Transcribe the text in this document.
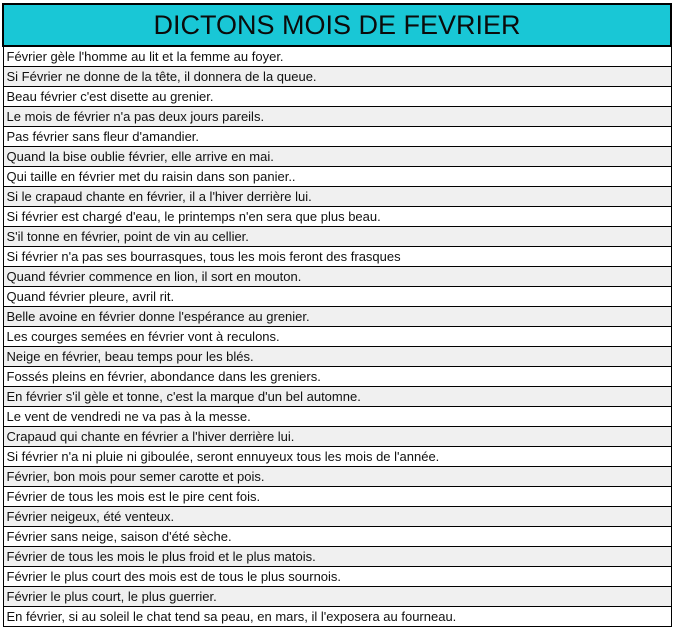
DICTONS MOIS DE FEVRIER
Février gèle l'homme au lit et la femme au foyer.
Si Février ne donne de la tête, il donnera de la queue.
Beau février c'est disette au grenier.
Le mois de février n'a pas deux jours pareils.
Pas février sans fleur d'amandier.
Quand la bise oublie février, elle arrive en mai.
Qui taille en février met du raisin dans son panier..
Si le crapaud chante en février, il a l'hiver derrière lui.
Si février est chargé d'eau, le printemps n'en sera que plus beau.
S'il tonne en février, point de vin au cellier.
Si février n'a pas ses bourrasques, tous les mois feront des frasques
Quand février commence en lion, il sort en mouton.
Quand février pleure, avril rit.
Belle avoine en février donne l'espérance au grenier.
Les courges semées en février vont à reculons.
Neige en février, beau temps pour les blés.
Fossés pleins en février, abondance dans les greniers.
En février s'il gèle et tonne, c'est la marque d'un bel automne.
Le vent de vendredi ne va pas à la messe.
Crapaud qui chante en février a l'hiver derrière lui.
Si février n'a ni pluie ni giboulée, seront ennuyeux tous les mois de l'année.
Février, bon mois pour semer carotte et pois.
Février de tous les mois est le pire cent fois.
Février neigeux, été venteux.
Février sans neige, saison d'été sèche.
Février de tous les mois le plus froid et le plus matois.
Février le plus court des mois est de tous le plus sournois.
Février le plus court, le plus guerrier.
En février, si au soleil le chat tend sa peau, en mars, il l'exposera au fourneau.
